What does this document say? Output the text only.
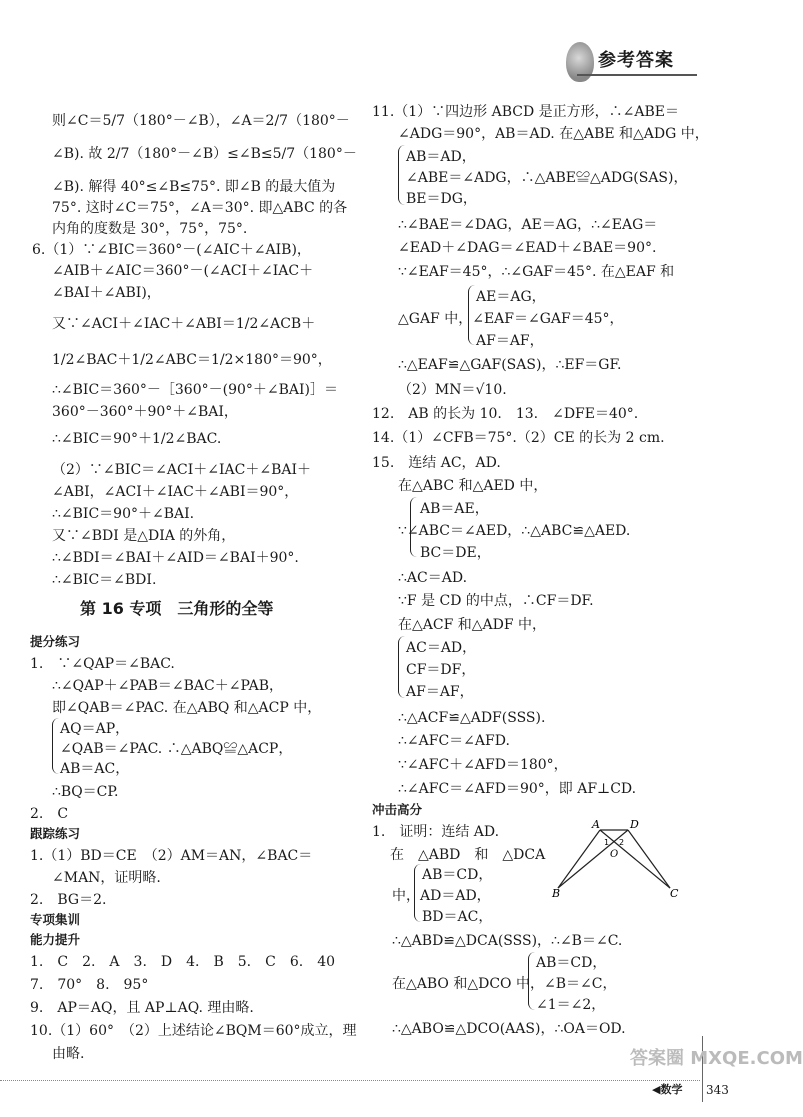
参考答案
则∠C＝5/7（180°－∠B），∠A＝2/7（180°－
∠B). 故 2/7（180°－∠B）≤∠B≤5/7（180°－
∠B). 解得 40°≤∠B≤75°. 即∠B 的最大值为
75°. 这时∠C＝75°，∠A＝30°. 即△ABC 的各
内角的度数是 30°，75°，75°.
6.（1）∵∠BIC＝360°－(∠AIC＋∠AIB)，
∠AIB＋∠AIC＝360°－(∠ACI＋∠IAC＋
∠BAI＋∠ABI)，
又∵∠ACI＋∠IAC＋∠ABI＝1/2∠ACB＋
1/2∠BAC＋1/2∠ABC＝1/2×180°＝90°，
∴∠BIC＝360°－［360°－(90°＋∠BAI)］＝
360°－360°＋90°＋∠BAI，
∴∠BIC＝90°＋1/2∠BAC.
（2）∵∠BIC＝∠ACI＋∠IAC＋∠BAI＋
∠ABI，∠ACI＋∠IAC＋∠ABI＝90°，
∴∠BIC＝90°＋∠BAI.
又∵∠BDI 是△DIA 的外角，
∴∠BDI＝∠BAI＋∠AID＝∠BAI＋90°.
∴∠BIC＝∠BDI.
第 16 专项　三角形的全等
提分练习
1.　∵∠QAP＝∠BAC.
∴∠QAP＋∠PAB＝∠BAC＋∠PAB，
即∠QAB＝∠PAC. 在△ABQ 和△ACP 中，
AQ＝AP，
∠QAB＝∠PAC. ∴△ABQ≌△ACP，
AB＝AC，
∴BQ＝CP.
2.　C
跟踪练习
1.（1）BD＝CE　（2）AM＝AN，∠BAC＝
∠MAN，证明略.
2.　BG＝2.
专项集训
能力提升
1.　C　2.　A　3.　D　4.　B　5.　C　6.　40
7.　70°　8.　95°
9.　AP＝AQ，且 AP⊥AQ. 理由略.
10.（1）60°　（2）上述结论∠BQM＝60°成立，理
由略.
11.（1）∵四边形 ABCD 是正方形，∴∠ABE＝
∠ADG＝90°，AB＝AD. 在△ABE 和△ADG 中，
AB＝AD，
∠ABE＝∠ADG，∴△ABE≌△ADG(SAS)，
BE＝DG，
∴∠BAE＝∠DAG，AE＝AG，∴∠EAG＝
∠EAD＋∠DAG＝∠EAD＋∠BAE＝90°.
∵∠EAF＝45°，∴∠GAF＝45°. 在△EAF 和
AE＝AG，
△GAF 中，∠EAF＝∠GAF＝45°，
AF＝AF，
∴△EAF≌△GAF(SAS)，∴EF＝GF.
（2）MN＝√10.
12.　AB 的长为 10.　13.　∠DFE＝40°.
14.（1）∠CFB＝75°.（2）CE 的长为 2 cm.
15.　连结 AC，AD.
在△ABC 和△AED 中，
AB＝AE，
∵∠ABC＝∠AED，∴△ABC≌△AED.
BC＝DE，
∴AC＝AD.
∵F 是 CD 的中点，∴CF＝DF.
在△ACF 和△ADF 中，
AC＝AD，
CF＝DF，
AF＝AF，
∴△ACF≌△ADF(SSS).
∴∠AFC＝∠AFD.
∵∠AFC＋∠AFD＝180°，
∴∠AFC＝∠AFD＝90°，即 AF⊥CD.
冲击高分
1.　证明：连结 AD.
在　△ABD　和　△DCA
AB＝CD，
中，AD＝AD，
BD＝AC，
∴△ABD≌△DCA(SSS)，∴∠B＝∠C.
AB＝CD，
在△ABO 和△DCO 中，∠B＝∠C，
∠1＝∠2，
∴△ABO≌△DCO(AAS)，∴OA＝OD.
A	D
B	C
O
1 2
答案圈 MXQE.COM
◀数学 343
